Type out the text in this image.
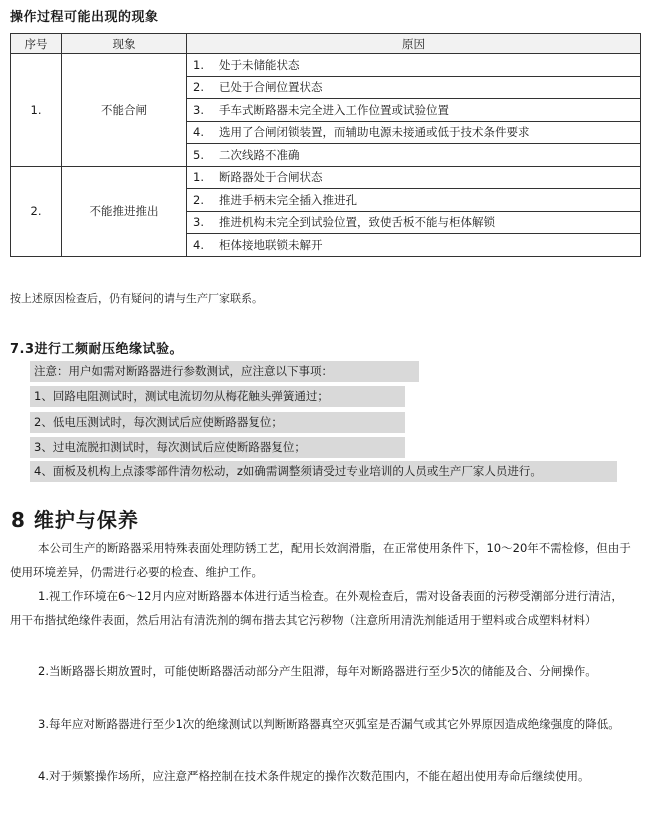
操作过程可能出现的现象
序号	现象	原因
1.	不能合闸	1. 处于未储能状态
		2. 已处于合闸位置状态
		3. 手车式断路器未完全进入工作位置或试验位置
		4. 选用了合闸闭锁装置，而辅助电源未接通或低于技术条件要求
		5. 二次线路不准确
2.	不能推进推出	1. 断路器处于合闸状态
		2. 推进手柄未完全插入推进孔
		3. 推进机构未完全到试验位置，致使舌板不能与柜体解锁
		4. 柜体接地联锁未解开
按上述原因检查后，仍有疑问的请与生产厂家联系。
7.3进行工频耐压绝缘试验。
注意：用户如需对断路器进行参数测试，应注意以下事项：
1、回路电阻测试时，测试电流切勿从梅花触头弹簧通过；
2、低电压测试时，每次测试后应使断路器复位；
3、过电流脱扣测试时，每次测试后应使断路器复位；
4、面板及机构上点漆零部件清勿松动，z如确需调整须请受过专业培训的人员或生产厂家人员进行。
8 维护与保养

本公司生产的断路器采用特殊表面处理防锈工艺，配用长效润滑脂，在正常使用条件下，10～20年不需检修，但由于使用环境差异，仍需进行必要的检查、维护工作。

1.视工作环境在6～12月内应对断路器本体进行适当检查。在外观检查后，需对设备表面的污秽受潮部分进行清洁，用干布揩拭绝缘件表面，然后用沾有清洗剂的绸布揩去其它污秽物（注意所用清洗剂能适用于塑料或合成塑料材料）

2.当断路器长期放置时，可能使断路器活动部分产生阻滞，每年对断路器进行至少5次的储能及合、分闸操作。

3.每年应对断路器进行至少1次的绝缘测试以判断断路器真空灭弧室是否漏气或其它外界原因造成绝缘强度的降低。

4.对于频繁操作场所，应注意严格控制在技术条件规定的操作次数范围内，不能在超出使用寿命后继续使用。
